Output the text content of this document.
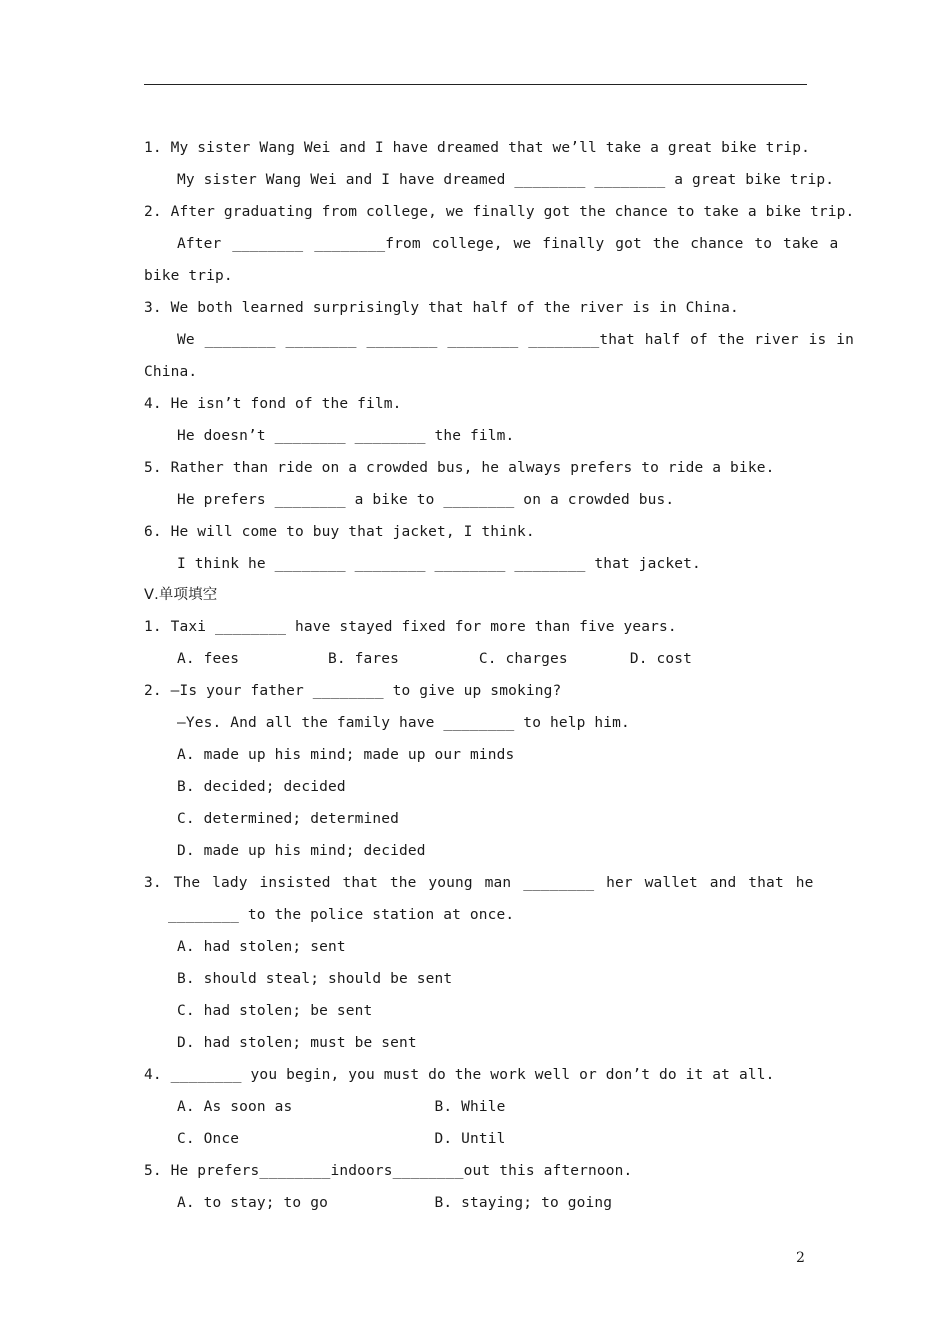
1. My sister Wang Wei and I have dreamed that we’ll take a great bike trip.
My sister Wang Wei and I have dreamed ________ ________ a great bike trip.
2. After graduating from college, we finally got the chance to take a bike trip.
After ________ ________from college, we finally got the chance to take a
bike trip.
3. We both learned surprisingly that half of the river is in China.
We ________ ________ ________ ________ ________that half of the river is in
China.
4. He isn’t fond of the film.
He doesn’t ________ ________ the film.
5. Rather than ride on a crowded bus, he always prefers to ride a bike.
He prefers ________ a bike to ________ on a crowded bus.
6. He will come to buy that jacket, I think.
I think he ________ ________ ________ ________ that jacket.
Ⅴ.单项填空
1. Taxi ________ have stayed fixed for more than five years.
A. fees          B. fares         C. charges       D. cost
2. —Is your father ________ to give up smoking?
—Yes. And all the family have ________ to help him.
A. made up his mind; made up our minds
B. decided; decided
C. determined; determined
D. made up his mind; decided
3. The lady insisted that the young man ________ her wallet and that he
________ to the police station at once.
A. had stolen; sent
B. should steal; should be sent
C. had stolen; be sent
D. had stolen; must be sent
4. ________ you begin, you must do the work well or don’t do it at all.
A. As soon as                B. While
C. Once                      D. Until
5. He prefers________indoors________out this afternoon.
A. to stay; to go            B. staying; to going
2
